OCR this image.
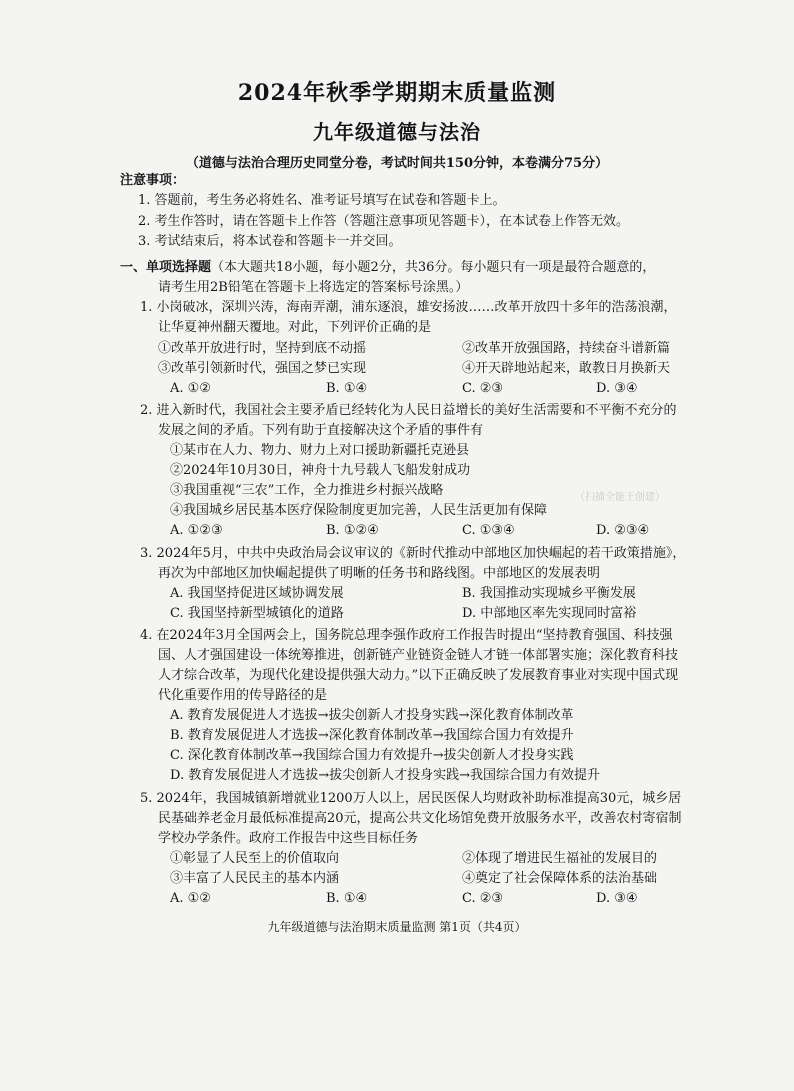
2024年秋季学期期末质量监测
九年级道德与法治
（道德与法治合理历史同堂分卷，考试时间共150分钟，本卷满分75分）
注意事项：
1. 答题前，考生务必将姓名、准考证号填写在试卷和答题卡上。
2. 考生作答时，请在答题卡上作答（答题注意事项见答题卡），在本试卷上作答无效。
3. 考试结束后，将本试卷和答题卡一并交回。
一、单项选择题（本大题共18小题，每小题2分，共36分。每小题只有一项是最符合题意的，
请考生用2B铅笔在答题卡上将选定的答案标号涂黑。）
1. 小岗破冰，深圳兴涛，海南弄潮，浦东逐浪，雄安扬波……改革开放四十多年的浩荡浪潮，
让华夏神州翻天覆地。对此，下列评价正确的是
①改革开放进行时，坚持到底不动摇	②改革开放强国路，持续奋斗谱新篇
③改革引领新时代，强国之梦已实现	④开天辟地站起来，敢教日月换新天
A. ①②	B. ①④	C. ②③	D. ③④
2. 进入新时代，我国社会主要矛盾已经转化为人民日益增长的美好生活需要和不平衡不充分的
发展之间的矛盾。下列有助于直接解决这个矛盾的事件有
①某市在人力、物力、财力上对口援助新疆托克逊县
②2024年10月30日，神舟十九号载人飞船发射成功
③我国重视“三农”工作，全力推进乡村振兴战略
④我国城乡居民基本医疗保险制度更加完善，人民生活更加有保障
A. ①②③	B. ①②④	C. ①③④	D. ②③④
（扫描全能王创建）
3. 2024年5月，中共中央政治局会议审议的《新时代推动中部地区加快崛起的若干政策措施》，
再次为中部地区加快崛起提供了明晰的任务书和路线图。中部地区的发展表明
A. 我国坚持促进区域协调发展	B. 我国推动实现城乡平衡发展
C. 我国坚持新型城镇化的道路	D. 中部地区率先实现同时富裕
4. 在2024年3月全国两会上，国务院总理李强作政府工作报告时提出“坚持教育强国、科技强
国、人才强国建设一体统筹推进，创新链产业链资金链人才链一体部署实施；深化教育科技
人才综合改革，为现代化建设提供强大动力。”以下正确反映了发展教育事业对实现中国式现
代化重要作用的传导路径的是
A. 教育发展促进人才选拔→拔尖创新人才投身实践→深化教育体制改革
B. 教育发展促进人才选拔→深化教育体制改革→我国综合国力有效提升
C. 深化教育体制改革→我国综合国力有效提升→拔尖创新人才投身实践
D. 教育发展促进人才选拔→拔尖创新人才投身实践→我国综合国力有效提升
5. 2024年，我国城镇新增就业1200万人以上，居民医保人均财政补助标准提高30元，城乡居
民基础养老金月最低标准提高20元，提高公共文化场馆免费开放服务水平，改善农村寄宿制
学校办学条件。政府工作报告中这些目标任务
①彰显了人民至上的价值取向	②体现了增进民生福祉的发展目的
③丰富了人民民主的基本内涵	④奠定了社会保障体系的法治基础
A. ①②	B. ①④	C. ②③	D. ③④
九年级道德与法治期末质量监测 第1页（共4页）
